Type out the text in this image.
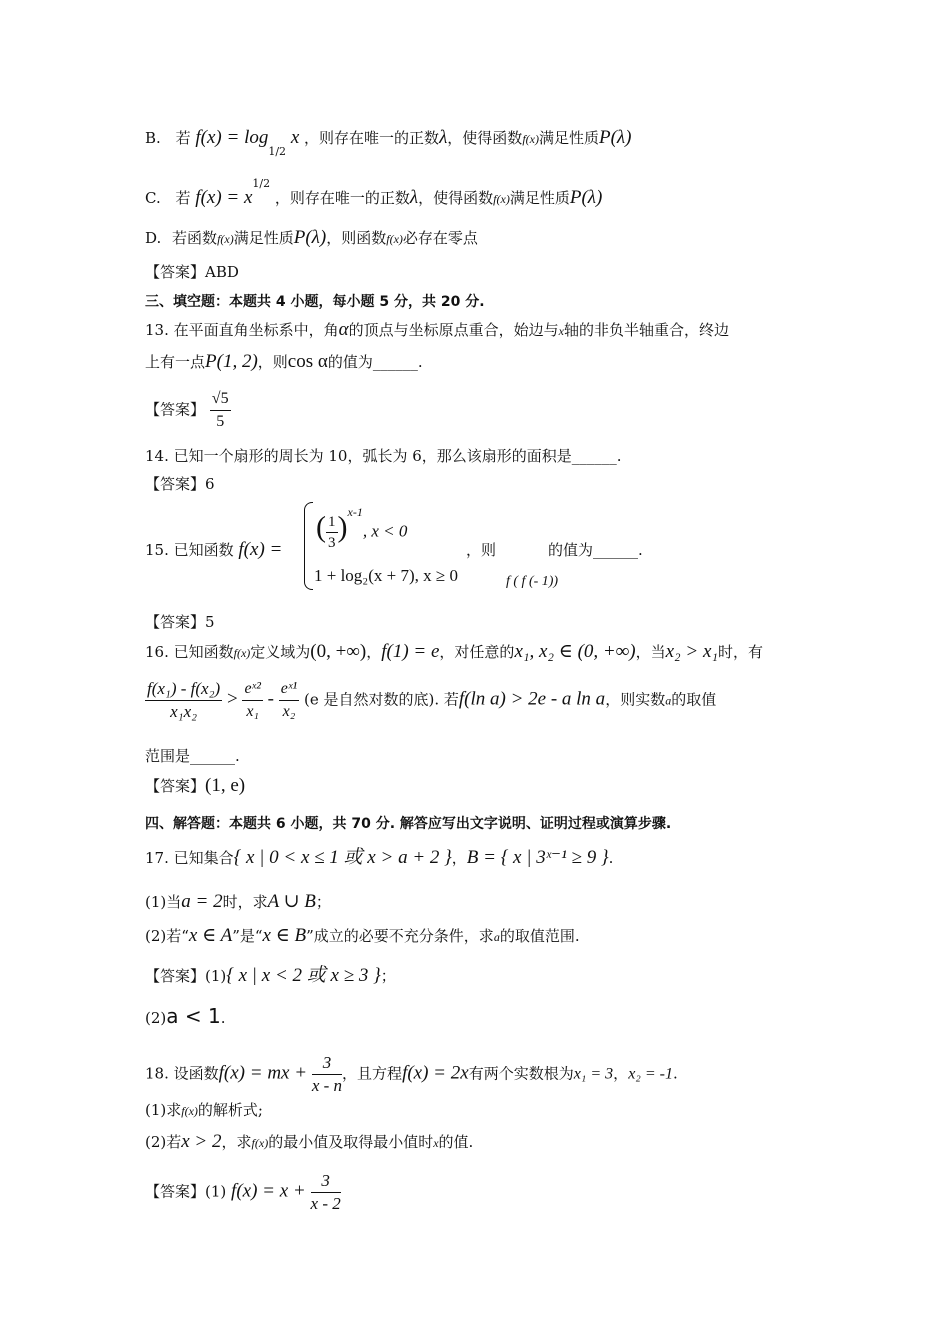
B. 若 $f(x) = \log_{1/2} x$ ，则存在唯一的正数λ，使得函数f(x)满足性质P(λ)
C. 若 $f(x) = x^{1/2}$ ，则存在唯一的正数λ，使得函数f(x)满足性质P(λ)
D. 若函数f(x)满足性质P(λ)，则函数f(x)必存在零点
【答案】ABD
三、填空题：本题共 4 小题，每小题 5 分，共 20 分.
13. 在平面直角坐标系中，角α的顶点与坐标原点重合，始边与x轴的非负半轴重合，终边
上有一点P(1, 2)，则cos α的值为______.
【答案】 $\frac{√5}{5}$
14. 已知一个扇形的周长为 10，弧长为 6，那么该扇形的面积是______.
【答案】6
15. 已知函数 f(x) =
( $\frac{1}{3} )^{x-1}$, x < 0
1 + log₂(x + 7), x ≥ 0
，则	的值为______.
f ( f (- 1))
【答案】5
16. 已知函数f(x)定义域为(0, +∞)，f(1) = e，对任意的x₁, x₂ ∈ (0, +∞)，当x₂ > x₁时，有
$\frac{\text{f(x₁) - f(x₂)}}{\text{x₁x₂}} > \frac{\text{eˣ²}}{\text{x₁}} - \frac{\text{eˣ¹}}{\text{x₂}} (e$ 是自然对数的底). 若f(ln a) > 2e - a ln a，则实数a的取值
范围是______.
【答案】(1, e)
四、解答题：本题共 6 小题，共 70 分. 解答应写出文字说明、证明过程或演算步骤.
17. 已知集合{ x | 0 < x ≤ 1 或 x > a + 2 }，B = { x | 3ˣ⁻¹ ≥ 9 }.
(1)当a = 2时，求A ∪ B；
(2)若“x ∈ A”是“x ∈ B”成立的必要不充分条件，求a的取值范围.
【答案】(1){ x | x < 2 或 x ≥ 3 }；
(2)a < 1.
18. 设函数f(x) = mx + $\frac{3}{x - n}$ ，且方程f(x) = 2x有两个实数根为x₁ = 3，x₂ = -1.
(1)求f(x)的解析式;
(2)若x > 2，求f(x)的最小值及取得最小值时x的值.
【答案】(1) $f(x) = x + \frac{3}{x - 2}$
